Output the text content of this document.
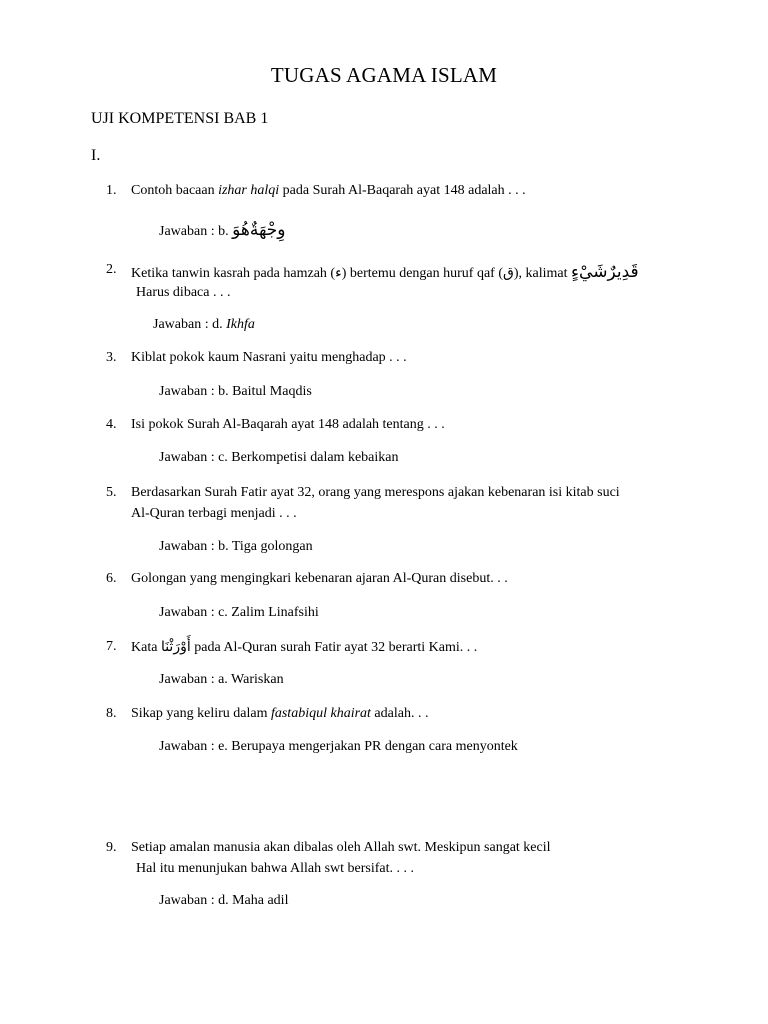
TUGAS AGAMA ISLAM
UJI KOMPETENSI BAB 1
I.
1. Contoh bacaan izhar halqi pada Surah Al-Baqarah ayat 148 adalah . . .
Jawaban : b. وِجْهَةٌهُوَ
2. Ketika tanwin kasrah pada hamzah (ء) bertemu dengan huruf qaf (ق), kalimat قَدِيرٌشَيْءٍ
Harus dibaca . . .
Jawaban : d. Ikhfa
3. Kiblat pokok kaum Nasrani yaitu menghadap . . .
Jawaban : b. Baitul Maqdis
4. Isi pokok Surah Al-Baqarah ayat 148 adalah tentang . . .
Jawaban : c. Berkompetisi dalam kebaikan
5. Berdasarkan Surah Fatir ayat 32, orang yang merespons ajakan kebenaran isi kitab suci
Al-Quran terbagi menjadi . . .
Jawaban : b. Tiga golongan
6. Golongan yang mengingkari kebenaran ajaran Al-Quran disebut. . .
Jawaban : c. Zalim Linafsihi
7. Kata أَوْرَثْنَا pada Al-Quran surah Fatir ayat 32 berarti Kami. . .
Jawaban : a. Wariskan
8. Sikap yang keliru dalam fastabiqul khairat adalah. . .
Jawaban : e. Berupaya mengerjakan PR dengan cara menyontek
9. Setiap amalan manusia akan dibalas oleh Allah swt. Meskipun sangat kecil
Hal itu menunjukan bahwa Allah swt bersifat. . . .
Jawaban : d. Maha adil
